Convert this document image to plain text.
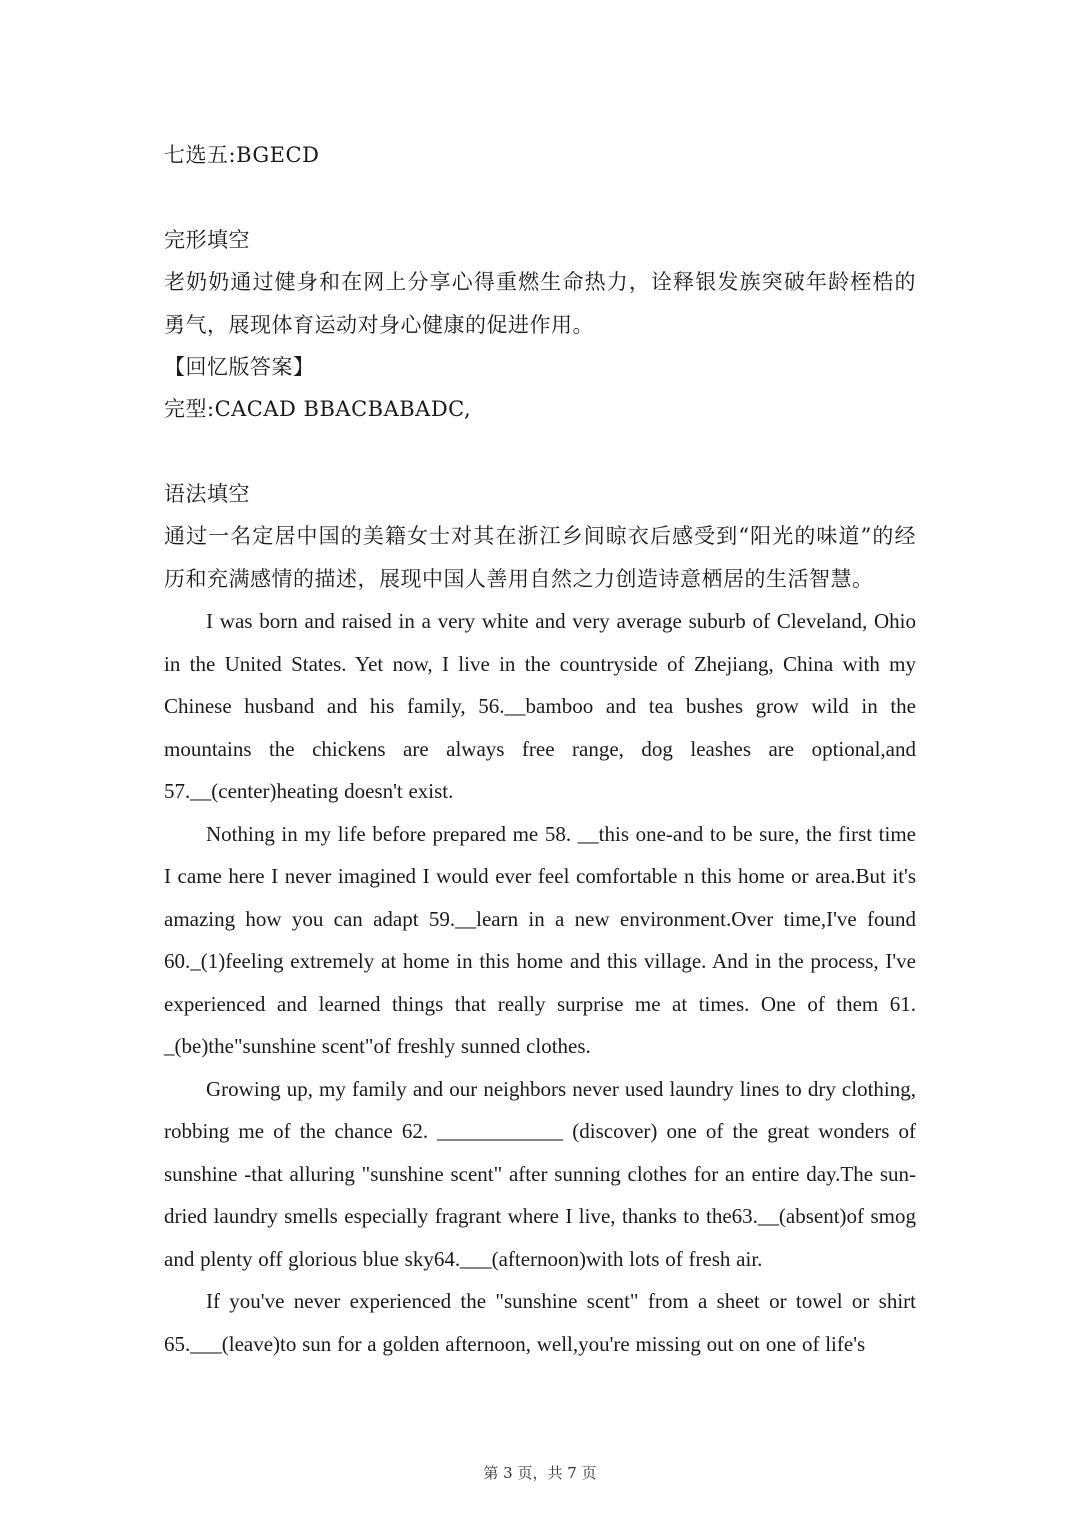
七选五:BGECD

完形填空

老奶奶通过健身和在网上分享心得重燃生命热力，诠释银发族突破年龄桎梏的勇气，展现体育运动对身心健康的促进作用。

【回忆版答案】

完型:CACAD BBACBABADC,

语法填空

通过一名定居中国的美籍女士对其在浙江乡间晾衣后感受到“阳光的味道”的经历和充满感情的描述，展现中国人善用自然之力创造诗意栖居的生活智慧。

I was born and raised in a very white and very average suburb of Cleveland, Ohio in the United States. Yet now, I live in the countryside of Zhejiang, China with my Chinese husband and his family, 56.__bamboo and tea bushes grow wild in the mountains the chickens are always free range, dog leashes are optional,and 57.__(center)heating doesn't exist.

Nothing in my life before prepared me 58. __this one-and to be sure, the first time I came here I never imagined I would ever feel comfortable n this home or area.But it's amazing how you can adapt 59.__learn in a new environment.Over time,I've found 60._(1)feeling extremely at home in this home and this village. And in the process, I've experienced and learned things that really surprise me at times. One of them 61. _(be)the"sunshine scent"of freshly sunned clothes.

Growing up, my family and our neighbors never used laundry lines to dry clothing, robbing me of the chance 62. ____________ (discover) one of the great wonders of sunshine -that alluring "sunshine scent" after sunning clothes for an entire day.The sun-dried laundry smells especially fragrant where I live, thanks to the63.__(absent)of smog and plenty off glorious blue sky64.___(afternoon)with lots of fresh air.

If you've never experienced the "sunshine scent" from a sheet or towel or shirt 65.___(leave)to sun for a golden afternoon, well,you're missing out on one of life's

第 3 页，共 7 页
